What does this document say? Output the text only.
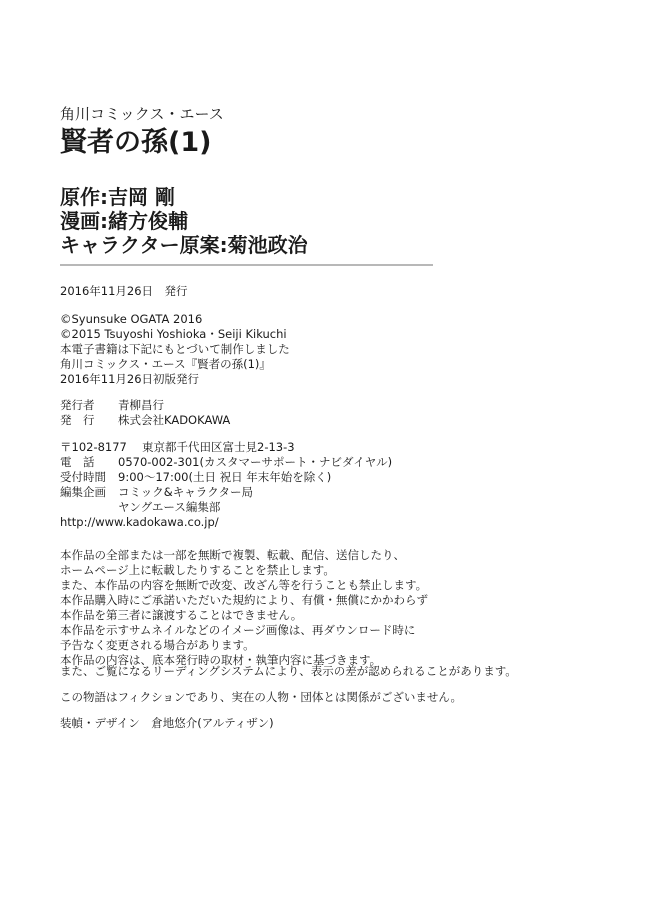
角川コミックス・エース
賢者の孫(1)
原作:吉岡 剛
漫画:緒方俊輔
キャラクター原案:菊池政治
2016年11月26日　発行
©Syunsuke OGATA 2016
©2015 Tsuyoshi Yoshioka・Seiji Kikuchi
本電子書籍は下記にもとづいて制作しました
角川コミックス・エース『賢者の孫(1)』
2016年11月26日初版発行
発行者	青柳昌行
発　行	株式会社KADOKAWA
〒102-8177	東京都千代田区富士見2-13-3
電　話	0570-002-301(カスタマーサポート・ナビダイヤル)
受付時間	9:00～17:00(土日 祝日 年末年始を除く)
編集企画	コミック&キャラクター局
ヤングエース編集部
http://www.kadokawa.co.jp/
本作品の全部または一部を無断で複製、転載、配信、送信したり、
ホームページ上に転載したりすることを禁止します。
また、本作品の内容を無断で改変、改ざん等を行うことも禁止します。
本作品購入時にご承諾いただいた規約により、有償・無償にかかわらず
本作品を第三者に譲渡することはできません。
本作品を示すサムネイルなどのイメージ画像は、再ダウンロード時に
予告なく変更される場合があります。
本作品の内容は、底本発行時の取材・執筆内容に基づきます。
また、ご覧になるリーディングシステムにより、表示の差が認められることがあります。
この物語はフィクションであり、実在の人物・団体とは関係がございません。
装幀・デザイン　倉地悠介(アルティザン)
